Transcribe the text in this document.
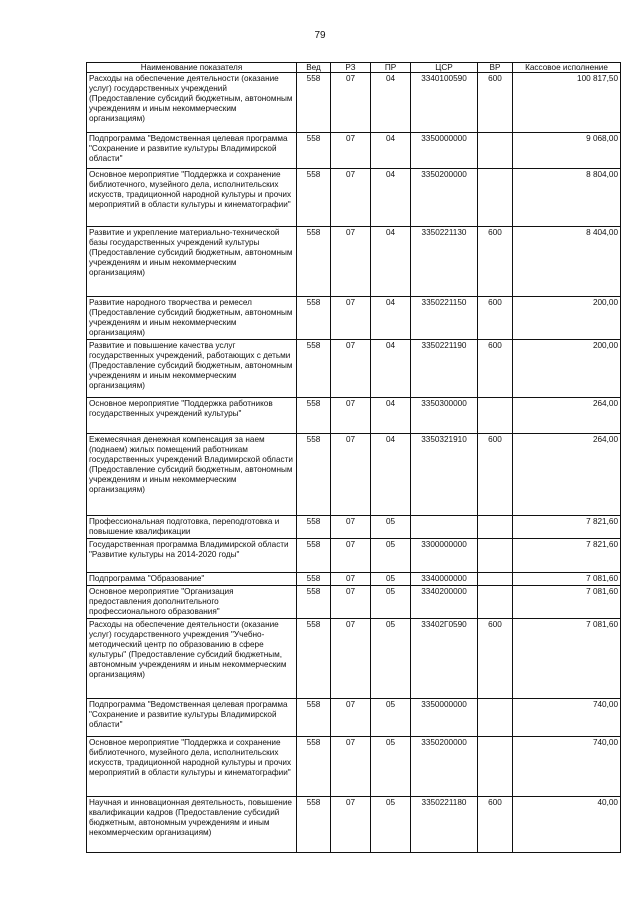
79
Наименование показателя	Вед	РЗ	ПР	ЦСР	ВР	Кассовое исполнение
Расходы на обеспечение деятельности (оказание услуг) государственных учреждений (Предоставление субсидий бюджетным, автономным учреждениям и иным некоммерческим организациям)	558	07	04	3340100590	600	100 817,50
Подпрограмма "Ведомственная целевая программа "Сохранение и развитие культуры Владимирской области"	558	07	04	3350000000		9 068,00
Основное мероприятие "Поддержка и сохранение библиотечного, музейного дела, исполнительских искусств, традиционной народной культуры и прочих мероприятий в области культуры и кинематографии"	558	07	04	3350200000		8 804,00
Развитие и укрепление материально-технической базы государственных учреждений культуры (Предоставление субсидий бюджетным, автономным учреждениям и иным некоммерческим организациям)	558	07	04	3350221130	600	8 404,00
Развитие народного творчества и ремесел (Предоставление субсидий бюджетным, автономным учреждениям и иным некоммерческим организациям)	558	07	04	3350221150	600	200,00
Развитие и повышение качества услуг государственных учреждений, работающих с детьми (Предоставление субсидий бюджетным, автономным учреждениям и иным некоммерческим организациям)	558	07	04	3350221190	600	200,00
Основное мероприятие "Поддержка работников государственных учреждений культуры"	558	07	04	3350300000		264,00
Ежемесячная денежная компенсация за наем (поднаем) жилых помещений работникам государственных учреждений Владимирской области (Предоставление субсидий бюджетным, автономным учреждениям и иным некоммерческим организациям)	558	07	04	3350321910	600	264,00
Профессиональная подготовка, переподготовка и повышение квалификации	558	07	05			7 821,60
Государственная программа Владимирской области "Развитие культуры на 2014-2020 годы"	558	07	05	3300000000		7 821,60
Подпрограмма "Образование"	558	07	05	3340000000		7 081,60
Основное мероприятие "Организация предоставления дополнительного профессионального образования"	558	07	05	3340200000		7 081,60
Расходы на обеспечение деятельности (оказание услуг) государственного учреждения "Учебно-методический центр по образованию в сфере культуры" (Предоставление субсидий бюджетным, автономным учреждениям и иным некоммерческим организациям)	558	07	05	33402Г0590	600	7 081,60
Подпрограмма "Ведомственная целевая программа "Сохранение и развитие культуры Владимирской области"	558	07	05	3350000000		740,00
Основное мероприятие "Поддержка и сохранение библиотечного, музейного дела, исполнительских искусств, традиционной народной культуры и прочих мероприятий в области культуры и кинематографии"	558	07	05	3350200000		740,00
Научная и инновационная деятельность, повышение квалификации кадров (Предоставление субсидий бюджетным, автономным учреждениям и иным некоммерческим организациям)	558	07	05	3350221180	600	40,00
